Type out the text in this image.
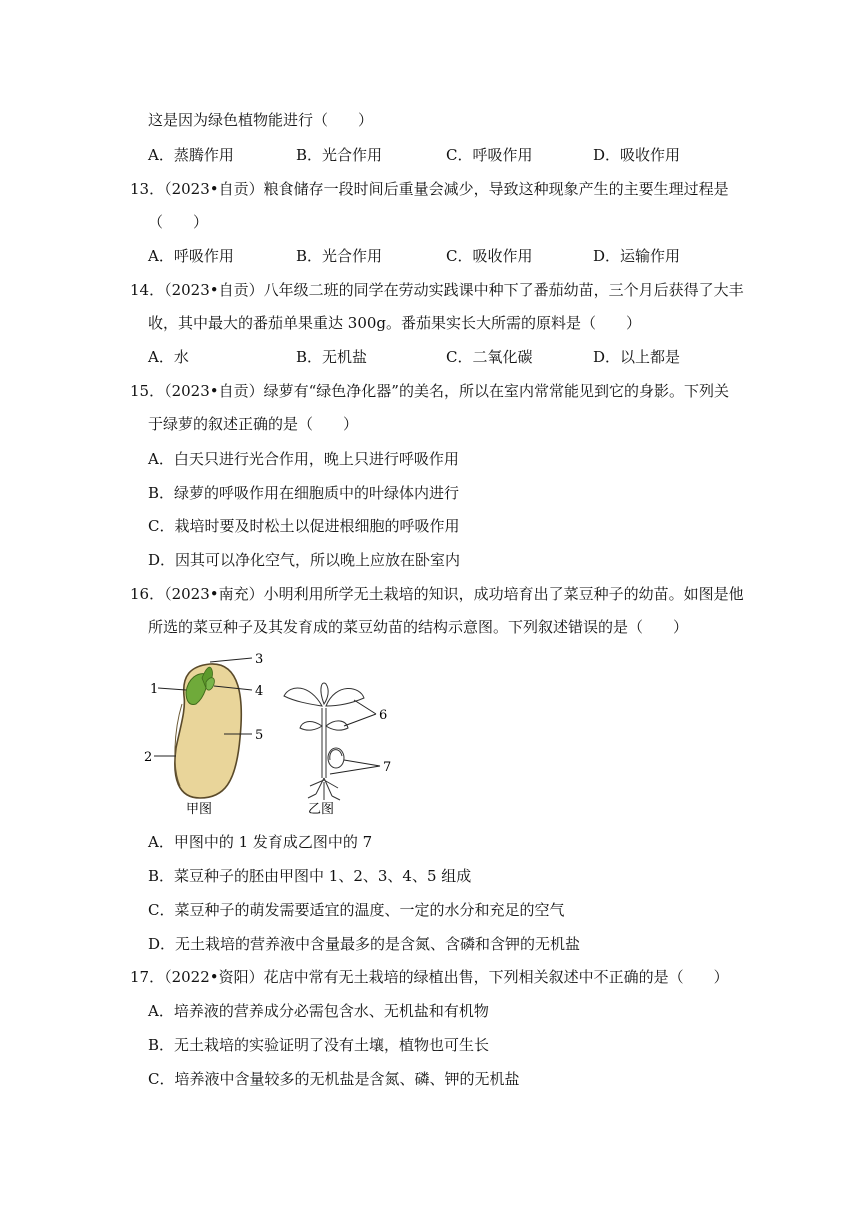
这是因为绿色植物能进行（　　）
A．蒸腾作用	B．光合作用	C．呼吸作用	D．吸收作用
13．（2023•自贡）粮食储存一段时间后重量会减少，导致这种现象产生的主要生理过程是
（　　）
A．呼吸作用	B．光合作用	C．吸收作用	D．运输作用
14．（2023•自贡）八年级二班的同学在劳动实践课中种下了番茄幼苗，三个月后获得了大丰
收，其中最大的番茄单果重达 300g。番茄果实长大所需的原料是（　　）
A．水	B．无机盐	C．二氧化碳	D．以上都是
15．（2023•自贡）绿萝有“绿色净化器”的美名，所以在室内常常能见到它的身影。下列关
于绿萝的叙述正确的是（　　）
A．白天只进行光合作用，晚上只进行呼吸作用
B．绿萝的呼吸作用在细胞质中的叶绿体内进行
C．栽培时要及时松土以促进根细胞的呼吸作用
D．因其可以净化空气，所以晚上应放在卧室内
16．（2023•南充）小明利用所学无土栽培的知识，成功培育出了菜豆种子的幼苗。如图是他
所选的菜豆种子及其发育成的菜豆幼苗的结构示意图。下列叙述错误的是（　　）
3
1	4
5
2
甲图
6
7
乙图
A．甲图中的 1 发育成乙图中的 7
B．菜豆种子的胚由甲图中 1、2、3、4、5 组成
C．菜豆种子的萌发需要适宜的温度、一定的水分和充足的空气
D．无土栽培的营养液中含量最多的是含氮、含磷和含钾的无机盐
17．（2022•资阳）花店中常有无土栽培的绿植出售，下列相关叙述中不正确的是（　　）
A．培养液的营养成分必需包含水、无机盐和有机物
B．无土栽培的实验证明了没有土壤，植物也可生长
C．培养液中含量较多的无机盐是含氮、磷、钾的无机盐
